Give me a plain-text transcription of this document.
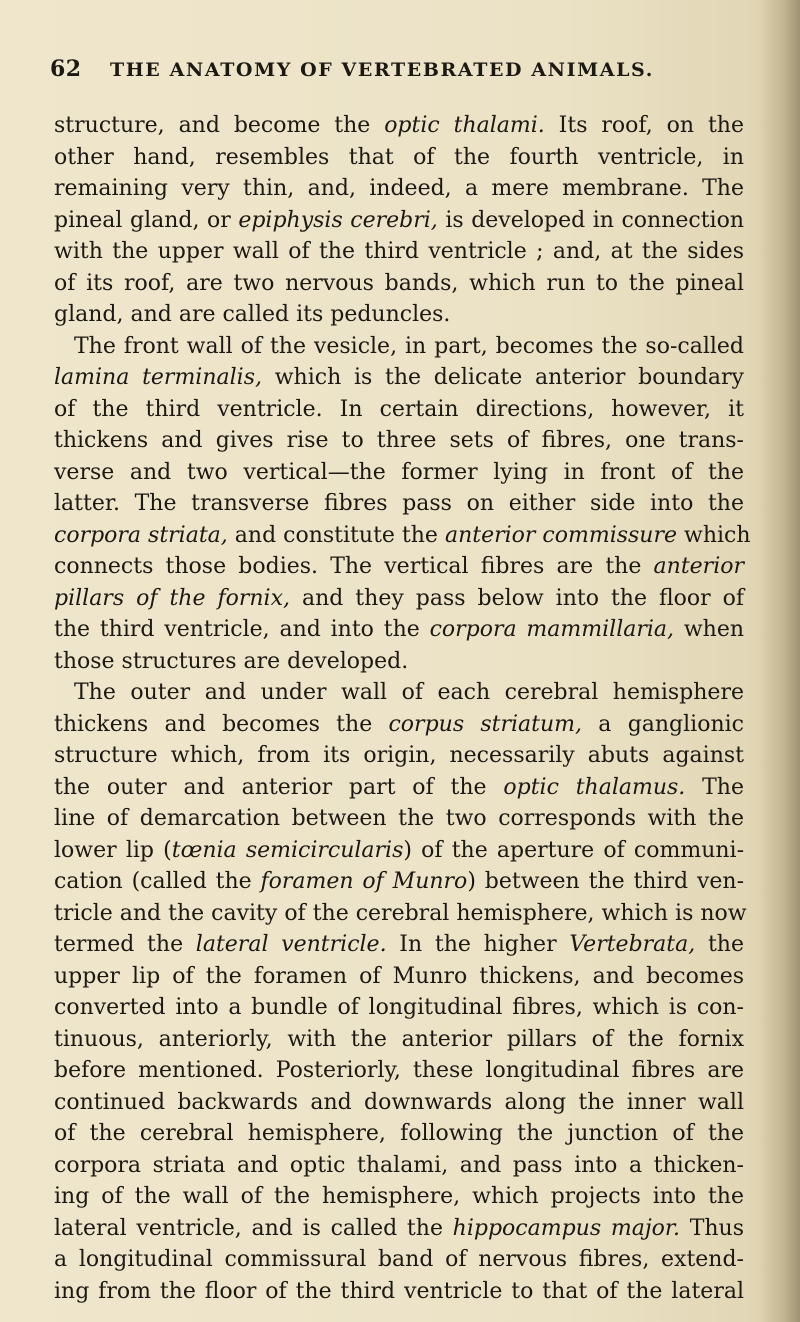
62 THE ANATOMY OF VERTEBRATED ANIMALS.
structure, and become the optic thalami. Its roof, on the
other hand, resembles that of the fourth ventricle, in
remaining very thin, and, indeed, a mere membrane. The
pineal gland, or epiphysis cerebri, is developed in connection
with the upper wall of the third ventricle ; and, at the sides
of its roof, are two nervous bands, which run to the pineal
gland, and are called its peduncles.
The front wall of the vesicle, in part, becomes the so-called
lamina terminalis, which is the delicate anterior boundary
of the third ventricle. In certain directions, however, it
thickens and gives rise to three sets of fibres, one trans-
verse and two vertical—the former lying in front of the
latter. The transverse fibres pass on either side into the
corpora striata, and constitute the anterior commissure which
connects those bodies. The vertical fibres are the anterior
pillars of the fornix, and they pass below into the floor of
the third ventricle, and into the corpora mammillaria, when
those structures are developed.
The outer and under wall of each cerebral hemisphere
thickens and becomes the corpus striatum, a ganglionic
structure which, from its origin, necessarily abuts against
the outer and anterior part of the optic thalamus. The
line of demarcation between the two corresponds with the
lower lip (tœnia semicircularis) of the aperture of communi-
cation (called the foramen of Munro) between the third ven-
tricle and the cavity of the cerebral hemisphere, which is now
termed the lateral ventricle. In the higher Vertebrata, the
upper lip of the foramen of Munro thickens, and becomes
converted into a bundle of longitudinal fibres, which is con-
tinuous, anteriorly, with the anterior pillars of the fornix
before mentioned. Posteriorly, these longitudinal fibres are
continued backwards and downwards along the inner wall
of the cerebral hemisphere, following the junction of the
corpora striata and optic thalami, and pass into a thicken-
ing of the wall of the hemisphere, which projects into the
lateral ventricle, and is called the hippocampus major. Thus
a longitudinal commissural band of nervous fibres, extend-
ing from the floor of the third ventricle to that of the lateral
